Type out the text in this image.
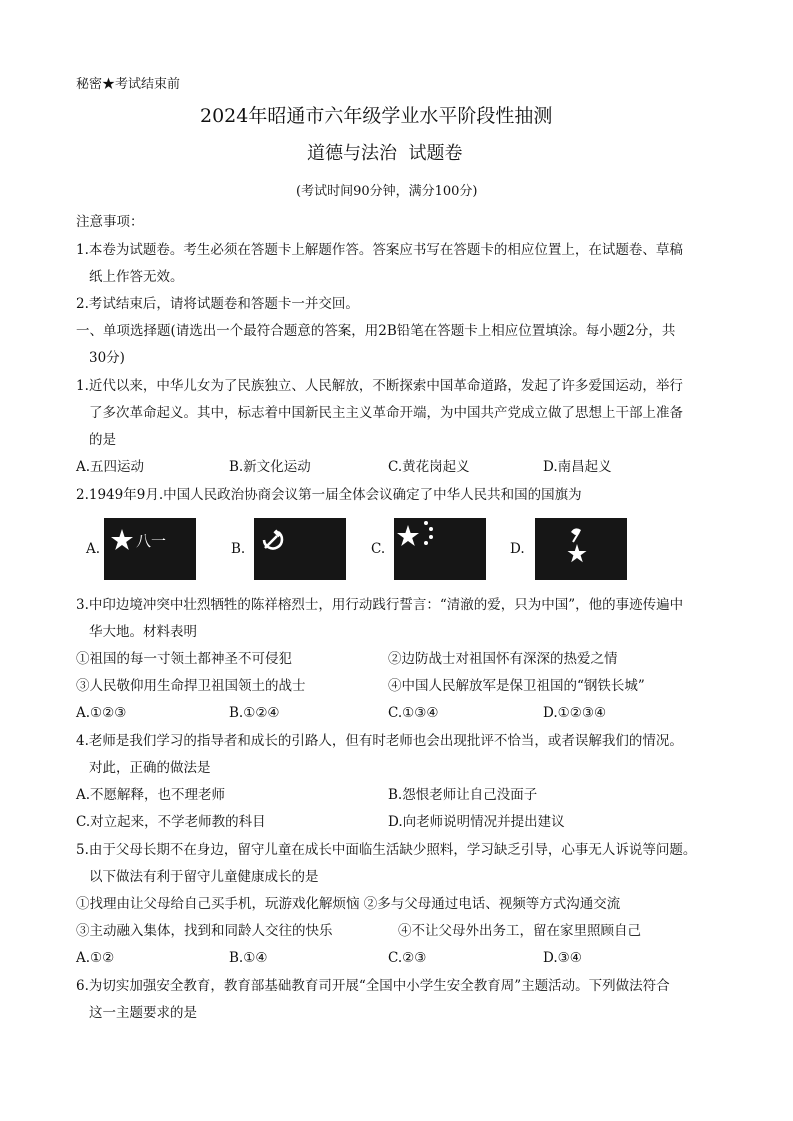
秘密★考试结束前
2024年昭通市六年级学业水平阶段性抽测
道德与法治  试题卷
(考试时间90分钟，满分100分)
注意事项：
1.本卷为试题卷。考生必须在答题卡上解题作答。答案应书写在答题卡的相应位置上，在试题卷、草稿
纸上作答无效。
2.考试结束后，请将试题卷和答题卡一并交回。
一、单项选择题(请选出一个最符合题意的答案，用2B铅笔在答题卡上相应位置填涂。每小题2分，共
30分)
1.近代以来，中华儿女为了民族独立、人民解放，不断探索中国革命道路，发起了许多爱国运动，举行
了多次革命起义。其中，标志着中国新民主主义革命开端，为中国共产党成立做了思想上干部上准备
的是
A.五四运动	B.新文化运动	C.黄花岗起义	D.南昌起义
2.1949年9月.中国人民政治协商会议第一届全体会议确定了中华人民共和国的国旗为
A. 八一	B.	C.	D.
3.中印边境冲突中壮烈牺牲的陈祥榕烈士，用行动践行誓言：“清澈的爱，只为中国”，他的事迹传遍中
华大地。材料表明
①祖国的每一寸领土都神圣不可侵犯	②边防战士对祖国怀有深深的热爱之情
③人民敬仰用生命捍卫祖国领土的战士	④中国人民解放军是保卫祖国的“钢铁长城”
A.①②③	B.①②④	C.①③④	D.①②③④
4.老师是我们学习的指导者和成长的引路人，但有时老师也会出现批评不恰当，或者误解我们的情况。
对此，正确的做法是
A.不愿解释，也不理老师	B.怨恨老师让自己没面子
C.对立起来，不学老师教的科目	D.向老师说明情况并提出建议
5.由于父母长期不在身边，留守儿童在成长中面临生活缺少照料，学习缺乏引导，心事无人诉说等问题。
以下做法有利于留守儿童健康成长的是
①找理由让父母给自己买手机，玩游戏化解烦恼 ②多与父母通过电话、视频等方式沟通交流
③主动融入集体，找到和同龄人交往的快乐	④不让父母外出务工，留在家里照顾自己
A.①②	B.①④	C.②③	D.③④
6.为切实加强安全教育，教育部基础教育司开展“全国中小学生安全教育周”主题活动。下列做法符合
这一主题要求的是
